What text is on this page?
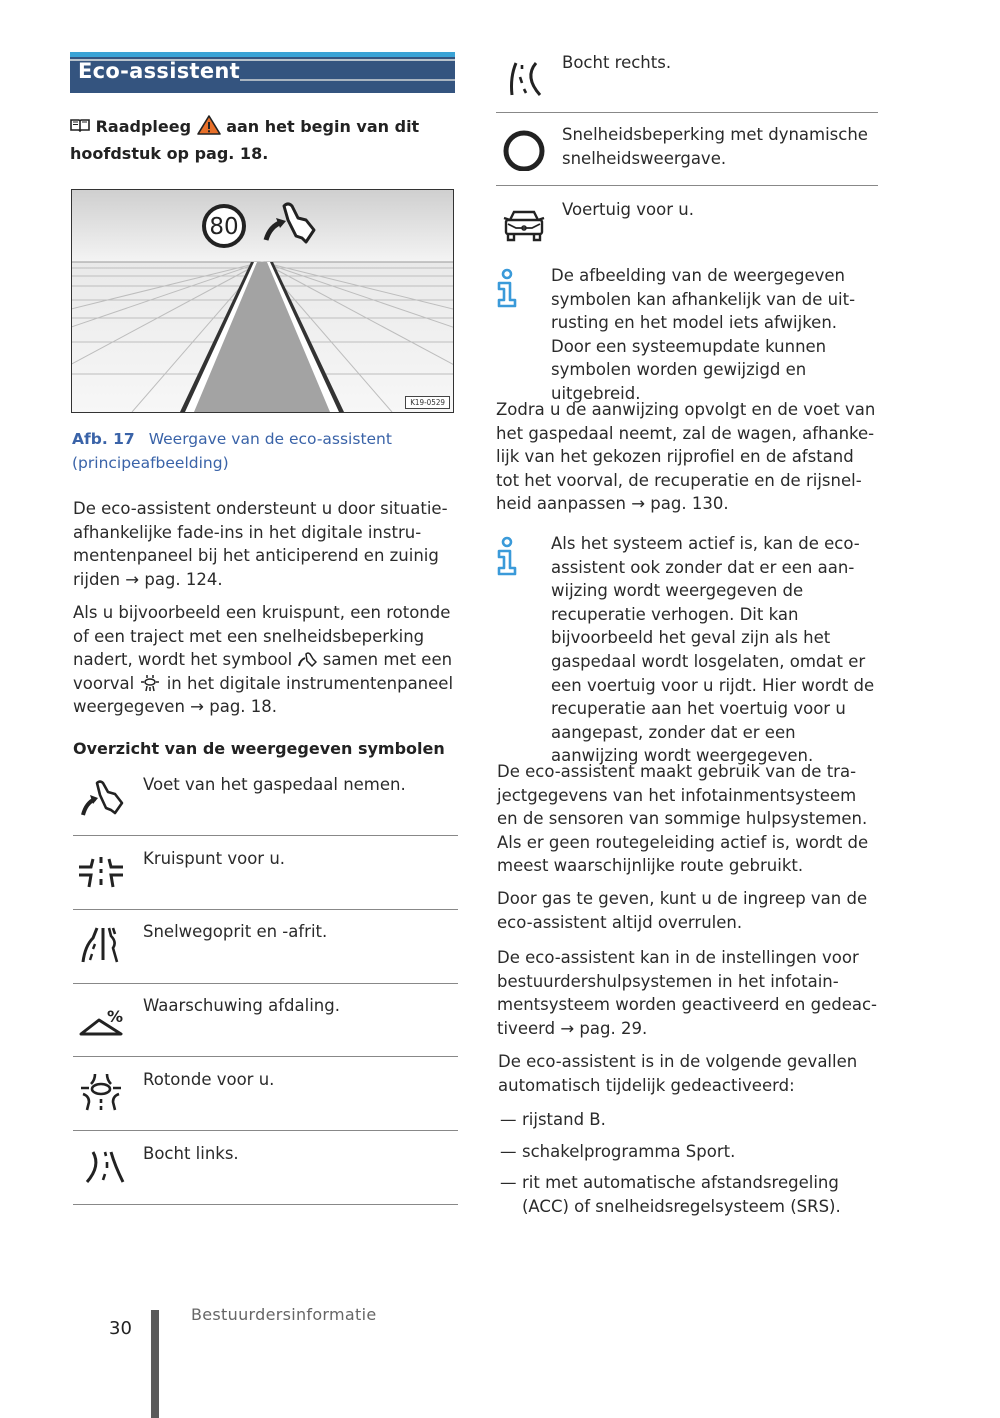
Eco-assistent
Raadpleeg aan het begin van dit hoofdstuk op pag. 18.
80
K19-0529
Afb. 17 Weergave van de eco-assistent (principeafbeelding)
De eco-assistent ondersteunt u door situatieafhankelijke fade-ins in het digitale instrumentenpaneel bij het anticiperend en zuinig rijden → pag. 124.
Als u bijvoorbeeld een kruispunt, een rotonde of een traject met een snelheidsbeperking nadert, wordt het symbool samen met een voorval in het digitale instrumentenpaneel weergegeven → pag. 18.
Overzicht van de weergegeven symbolen
Voet van het gaspedaal nemen.
Kruispunt voor u.
Snelwegoprit en -afrit.
%
Waarschuwing afdaling.
Rotonde voor u.
Bocht links.
Bocht rechts.
Snelheidsbeperking met dynamische snelheidsweergave.
Voertuig voor u.
De afbeelding van de weergegeven symbolen kan afhankelijk van de uitrusting en het model iets afwijken. Door een systeemupdate kunnen symbolen worden gewijzigd en uitgebreid.
Zodra u de aanwijzing opvolgt en de voet van het gaspedaal neemt, zal de wagen, afhankelijk van het gekozen rijprofiel en de afstand tot het voorval, de recuperatie en de rijsnelheid aanpassen → pag. 130.
Als het systeem actief is, kan de eco-assistent ook zonder dat er een aanwijzing wordt weergegeven de recuperatie verhogen. Dit kan bijvoorbeeld het geval zijn als het gaspedaal wordt losgelaten, omdat er een voertuig voor u rijdt. Hier wordt de recuperatie aan het voertuig voor u aangepast, zonder dat er een aanwijzing wordt weergegeven.
De eco-assistent maakt gebruik van de trajectgegevens van het infotainmentsysteem en de sensoren van sommige hulpsystemen. Als er geen routegeleiding actief is, wordt de meest waarschijnlijke route gebruikt.
Door gas te geven, kunt u de ingreep van de eco-assistent altijd overrulen.
De eco-assistent kan in de instellingen voor bestuurdershulpsystemen in het infotainmentsysteem worden geactiveerd en gedeactiveerd → pag. 29.
De eco-assistent is in de volgende gevallen automatisch tijdelijk gedeactiveerd:
— rijstand B.
— schakelprogramma Sport.
— rit met automatische afstandsregeling (ACC) of snelheidsregelsysteem (SRS).
30
Bestuurdersinformatie
